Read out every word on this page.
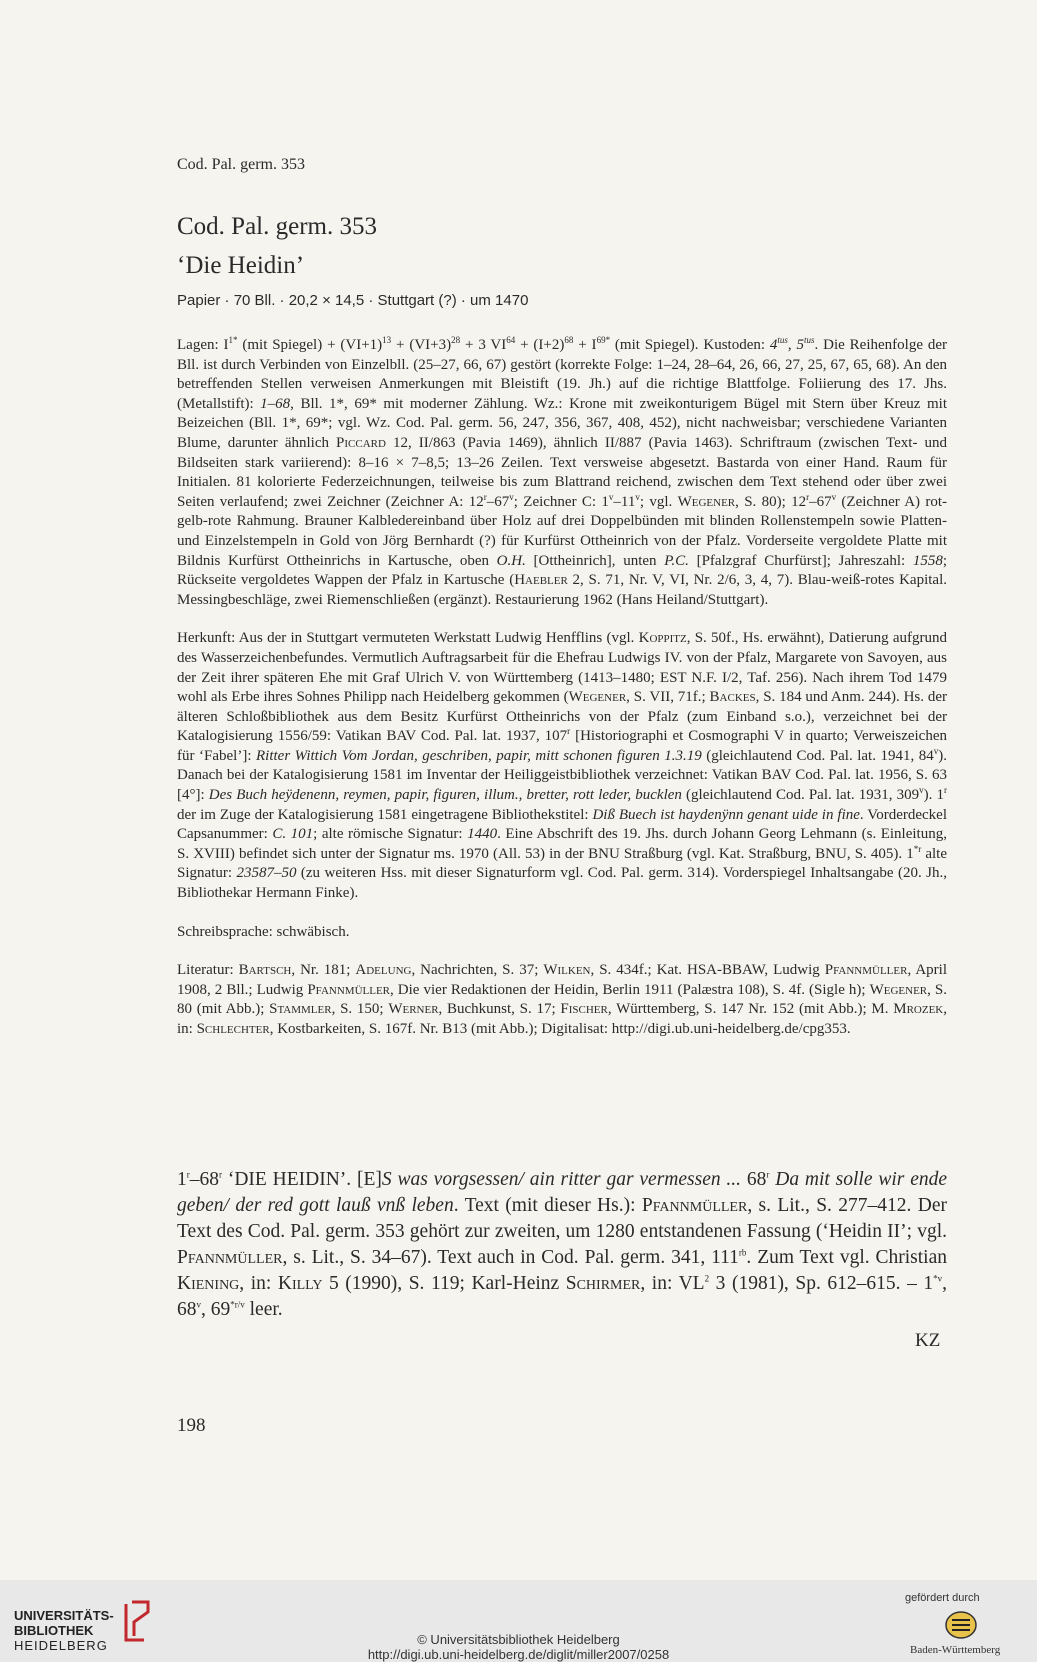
Cod. Pal. germ. 353
Cod. Pal. germ. 353
‘Die Heidin’
Papier · 70 Bll. · 20,2 × 14,5 · Stuttgart (?) · um 1470

Lagen: $I^{1*}$ (mit Spiegel) + $(VI+1)^{13} + (VI+3)^{28} + 3$ $VI^{64} + (I+2)^{68} + I^{69*}$ (mit Spiegel). Kustoden: $4^{tus}$, $5^{tus}$. Die Reihenfolge der Bll. ist durch Verbinden von Einzelbll. (25–27, 66, 67) gestört (korrekte Folge: 1–24, 28–64, 26, 66, 27, 25, 67, 65, 68). An den betreffenden Stellen verweisen Anmerkungen mit Bleistift (19. Jh.) auf die richtige Blattfolge. Foliierung des 17. Jhs. (Metallstift): 1–68, Bll. 1*, 69* mit moderner Zählung. Wz.: Krone mit zweikonturigem Bügel mit Stern über Kreuz mit Beizeichen (Bll. 1*, 69*; vgl. Wz. Cod. Pal. germ. 56, 247, 356, 367, 408, 452), nicht nachweisbar; verschiedene Varianten Blume, darunter ähnlich Piccard 12, II/863 (Pavia 1469), ähnlich II/887 (Pavia 1463). Schriftraum (zwischen Text- und Bildseiten stark variierend): 8–16 × 7–8,5; 13–26 Zeilen. Text versweise abgesetzt. Bastarda von einer Hand. Raum für Initialen. 81 kolorierte Federzeichnungen, teilweise bis zum Blattrand reichend, zwischen dem Text stehend oder über zwei Seiten verlaufend; zwei Zeichner (Zeichner A: 12$^r$–67$^v$; Zeichner C: 1$^v$–11$^v$; vgl. Wegener, S. 80); 12$^r$–67$^v$ (Zeichner A) rot-gelb-rote Rahmung. Brauner Kalbledereinband über Holz auf drei Doppelbünden mit blinden Rollenstempeln sowie Platten- und Einzelstempeln in Gold von Jörg Bernhardt (?) für Kurfürst Ottheinrich von der Pfalz. Vorderseite vergoldete Platte mit Bildnis Kurfürst Ottheinrichs in Kartusche, oben O.H. [Ottheinrich], unten P.C. [Pfalzgraf Churfürst]; Jahreszahl: 1558; Rückseite vergoldetes Wappen der Pfalz in Kartusche (Haebler 2, S. 71, Nr. V, VI, Nr. 2/6, 3, 4, 7). Blau-weiß-rotes Kapital. Messingbeschläge, zwei Riemenschließen (ergänzt). Restaurierung 1962 (Hans Heiland/Stuttgart).

Herkunft: Aus der in Stuttgart vermuteten Werkstatt Ludwig Henfflins (vgl. Koppitz, S. 50f., Hs. erwähnt), Datierung aufgrund des Wasserzeichenbefundes. Vermutlich Auftragsarbeit für die Ehefrau Ludwigs IV. von der Pfalz, Margarete von Savoyen, aus der Zeit ihrer späteren Ehe mit Graf Ulrich V. von Württemberg (1413–1480; EST N.F. I/2, Taf. 256). Nach ihrem Tod 1479 wohl als Erbe ihres Sohnes Philipp nach Heidelberg gekommen (Wegener, S. VII, 71f.; Backes, S. 184 und Anm. 244). Hs. der älteren Schloßbibliothek aus dem Besitz Kurfürst Ottheinrichs von der Pfalz (zum Einband s.o.), verzeichnet bei der Katalogisierung 1556/59: Vatikan BAV Cod. Pal. lat. 1937, 107$^r$ [Historiographi et Cosmographi V in quarto; Verweiszeichen für ‘Fabel’]: Ritter Wittich Vom Jordan, geschriben, papir, mitt schonen figuren 1.3.19 (gleichlautend Cod. Pal. lat. 1941, 84$^v$). Danach bei der Katalogisierung 1581 im Inventar der Heiliggeistbibliothek verzeichnet: Vatikan BAV Cod. Pal. lat. 1956, S. 63 [4°]: Des Buch heÿdenenn, reymen, papir, figuren, illum., bretter, rott leder, bucklen (gleichlautend Cod. Pal. lat. 1931, 309$^v$). 1$^r$ der im Zuge der Katalogisierung 1581 eingetragene Bibliothekstitel: Diß Buech ist haydenÿnn genant uide in fine. Vorderdeckel Capsanummer: C. 101; alte römische Signatur: 1440. Eine Abschrift des 19. Jhs. durch Johann Georg Lehmann (s. Einleitung, S. XVIII) befindet sich unter der Signatur ms. 1970 (All. 53) in der BNU Straßburg (vgl. Kat. Straßburg, BNU, S. 405). 1$^{*r}$ alte Signatur: 23587–50 (zu weiteren Hss. mit dieser Signaturform vgl. Cod. Pal. germ. 314). Vorderspiegel Inhaltsangabe (20. Jh., Bibliothekar Hermann Finke).

Schreibsprache: schwäbisch.

Literatur: Bartsch, Nr. 181; Adelung, Nachrichten, S. 37; Wilken, S. 434f.; Kat. HSA-BBAW, Ludwig Pfannmüller, April 1908, 2 Bll.; Ludwig Pfannmüller, Die vier Redaktionen der Heidin, Berlin 1911 (Palæstra 108), S. 4f. (Sigle h); Wegener, S. 80 (mit Abb.); Stammler, S. 150; Werner, Buchkunst, S. 17; Fischer, Württemberg, S. 147 Nr. 152 (mit Abb.); M. Mrozek, in: Schlechter, Kostbarkeiten, S. 167f. Nr. B13 (mit Abb.); Digitalisat: http://digi.ub.uni-heidelberg.de/cpg353.

1$^r$–68$^r$ ‘DIE HEIDIN’. [E]S was vorgsessen/ ain ritter gar vermessen ... 68$^r$ Da mit solle wir ende geben/ der red gott lauß vnß leben. Text (mit dieser Hs.): Pfannmüller, s. Lit., S. 277–412. Der Text des Cod. Pal. germ. 353 gehört zur zweiten, um 1280 entstandenen Fassung (‘Heidin II’; vgl. Pfannmüller, s. Lit., S. 34–67). Text auch in Cod. Pal. germ. 341, $111^{rb}$. Zum Text vgl. Christian Kiening, in: Killy 5 (1990), S. 119; Karl-Heinz Schirmer, in: $VL^2$ 3 (1981), Sp. 612–615. – 1$^{*v}$, 68$^v$, $69^{*r/v}$ leer.

KZ
198
UNIVERSITÄTS-
BIBLIOTHEK
HEIDELBERG	© Universitätsbibliothek Heidelberg
http://digi.ub.uni-heidelberg.de/diglit/miller2007/0258
gefördert durch
Baden-Württemberg
